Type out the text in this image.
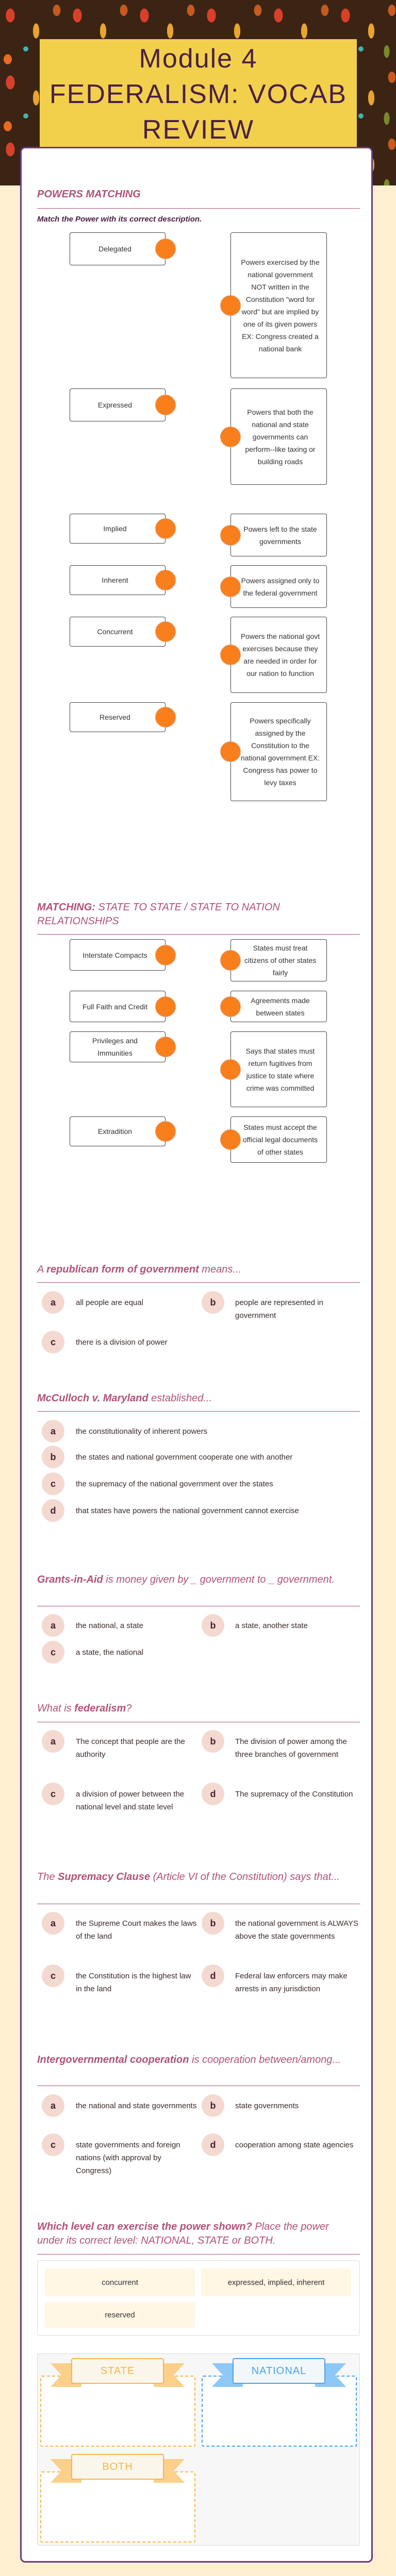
Module 4
FEDERALISM: VOCAB
REVIEW
POWERS MATCHING
Match the Power with its correct description.
MATCHING: STATE TO STATE / STATE TO NATION RELATIONSHIPS
Which level can exercise the power shown? Place the power under its correct level: NATIONAL, STATE or BOTH.
concurrent	expressed, implied, inherent
reserved
STATE	NATIONAL
BOTH
Delegated
Powers exercised by the national government NOT written in the Constitution "word for word" but are implied by one of its given powers EX: Congress created a national bank
Expressed
Powers that both the national and state governments can perform--like taxing or building roads
Implied	Powers left to the state governments
Inherent	Powers assigned only to the federal government
Concurrent
Powers the national govt exercises because they are needed in order for our nation to function
Reserved	Powers specifically assigned by the Constitution to the national government EX: Congress has power to levy taxes
Interstate Compacts
States must treat citizens of other states fairly
Full Faith and Credit
Agreements made between states
Privileges and Immunities	Says that states must return fugitives from justice to state where crime was committed
Extradition	States must accept the official legal documents of other states
A republican form of government means...
a	all people are equal	b	people are represented in government
c	there is a division of power
McCulloch v. Maryland established...
a	the constitutionality of inherent powers
b	the states and national government cooperate one with another
c	the supremacy of the national government over the states
d	that states have powers the national government cannot exercise
Grants-in-Aid is money given by _ government to _ government.
a	the national, a state	b	a state, another state
c	a state, the national
What is federalism?
a	The concept that people are the authority
b	The division of power among the three branches of government
c	a division of power between the national level and state level
d	The supremacy of the Constitution
The Supremacy Clause (Article VI of the Constitution) says that...
a	the Supreme Court makes the laws of the land
b	the national government is ALWAYS above the state governments
c	the Constitution is the highest law in the land
d	Federal law enforcers may make arrests in any jurisdiction
Intergovernmental cooperation is cooperation between/among...
a	the national and state governments	b	state governments
c	state governments and foreign nations (with approval by Congress)
d	cooperation among state agencies
